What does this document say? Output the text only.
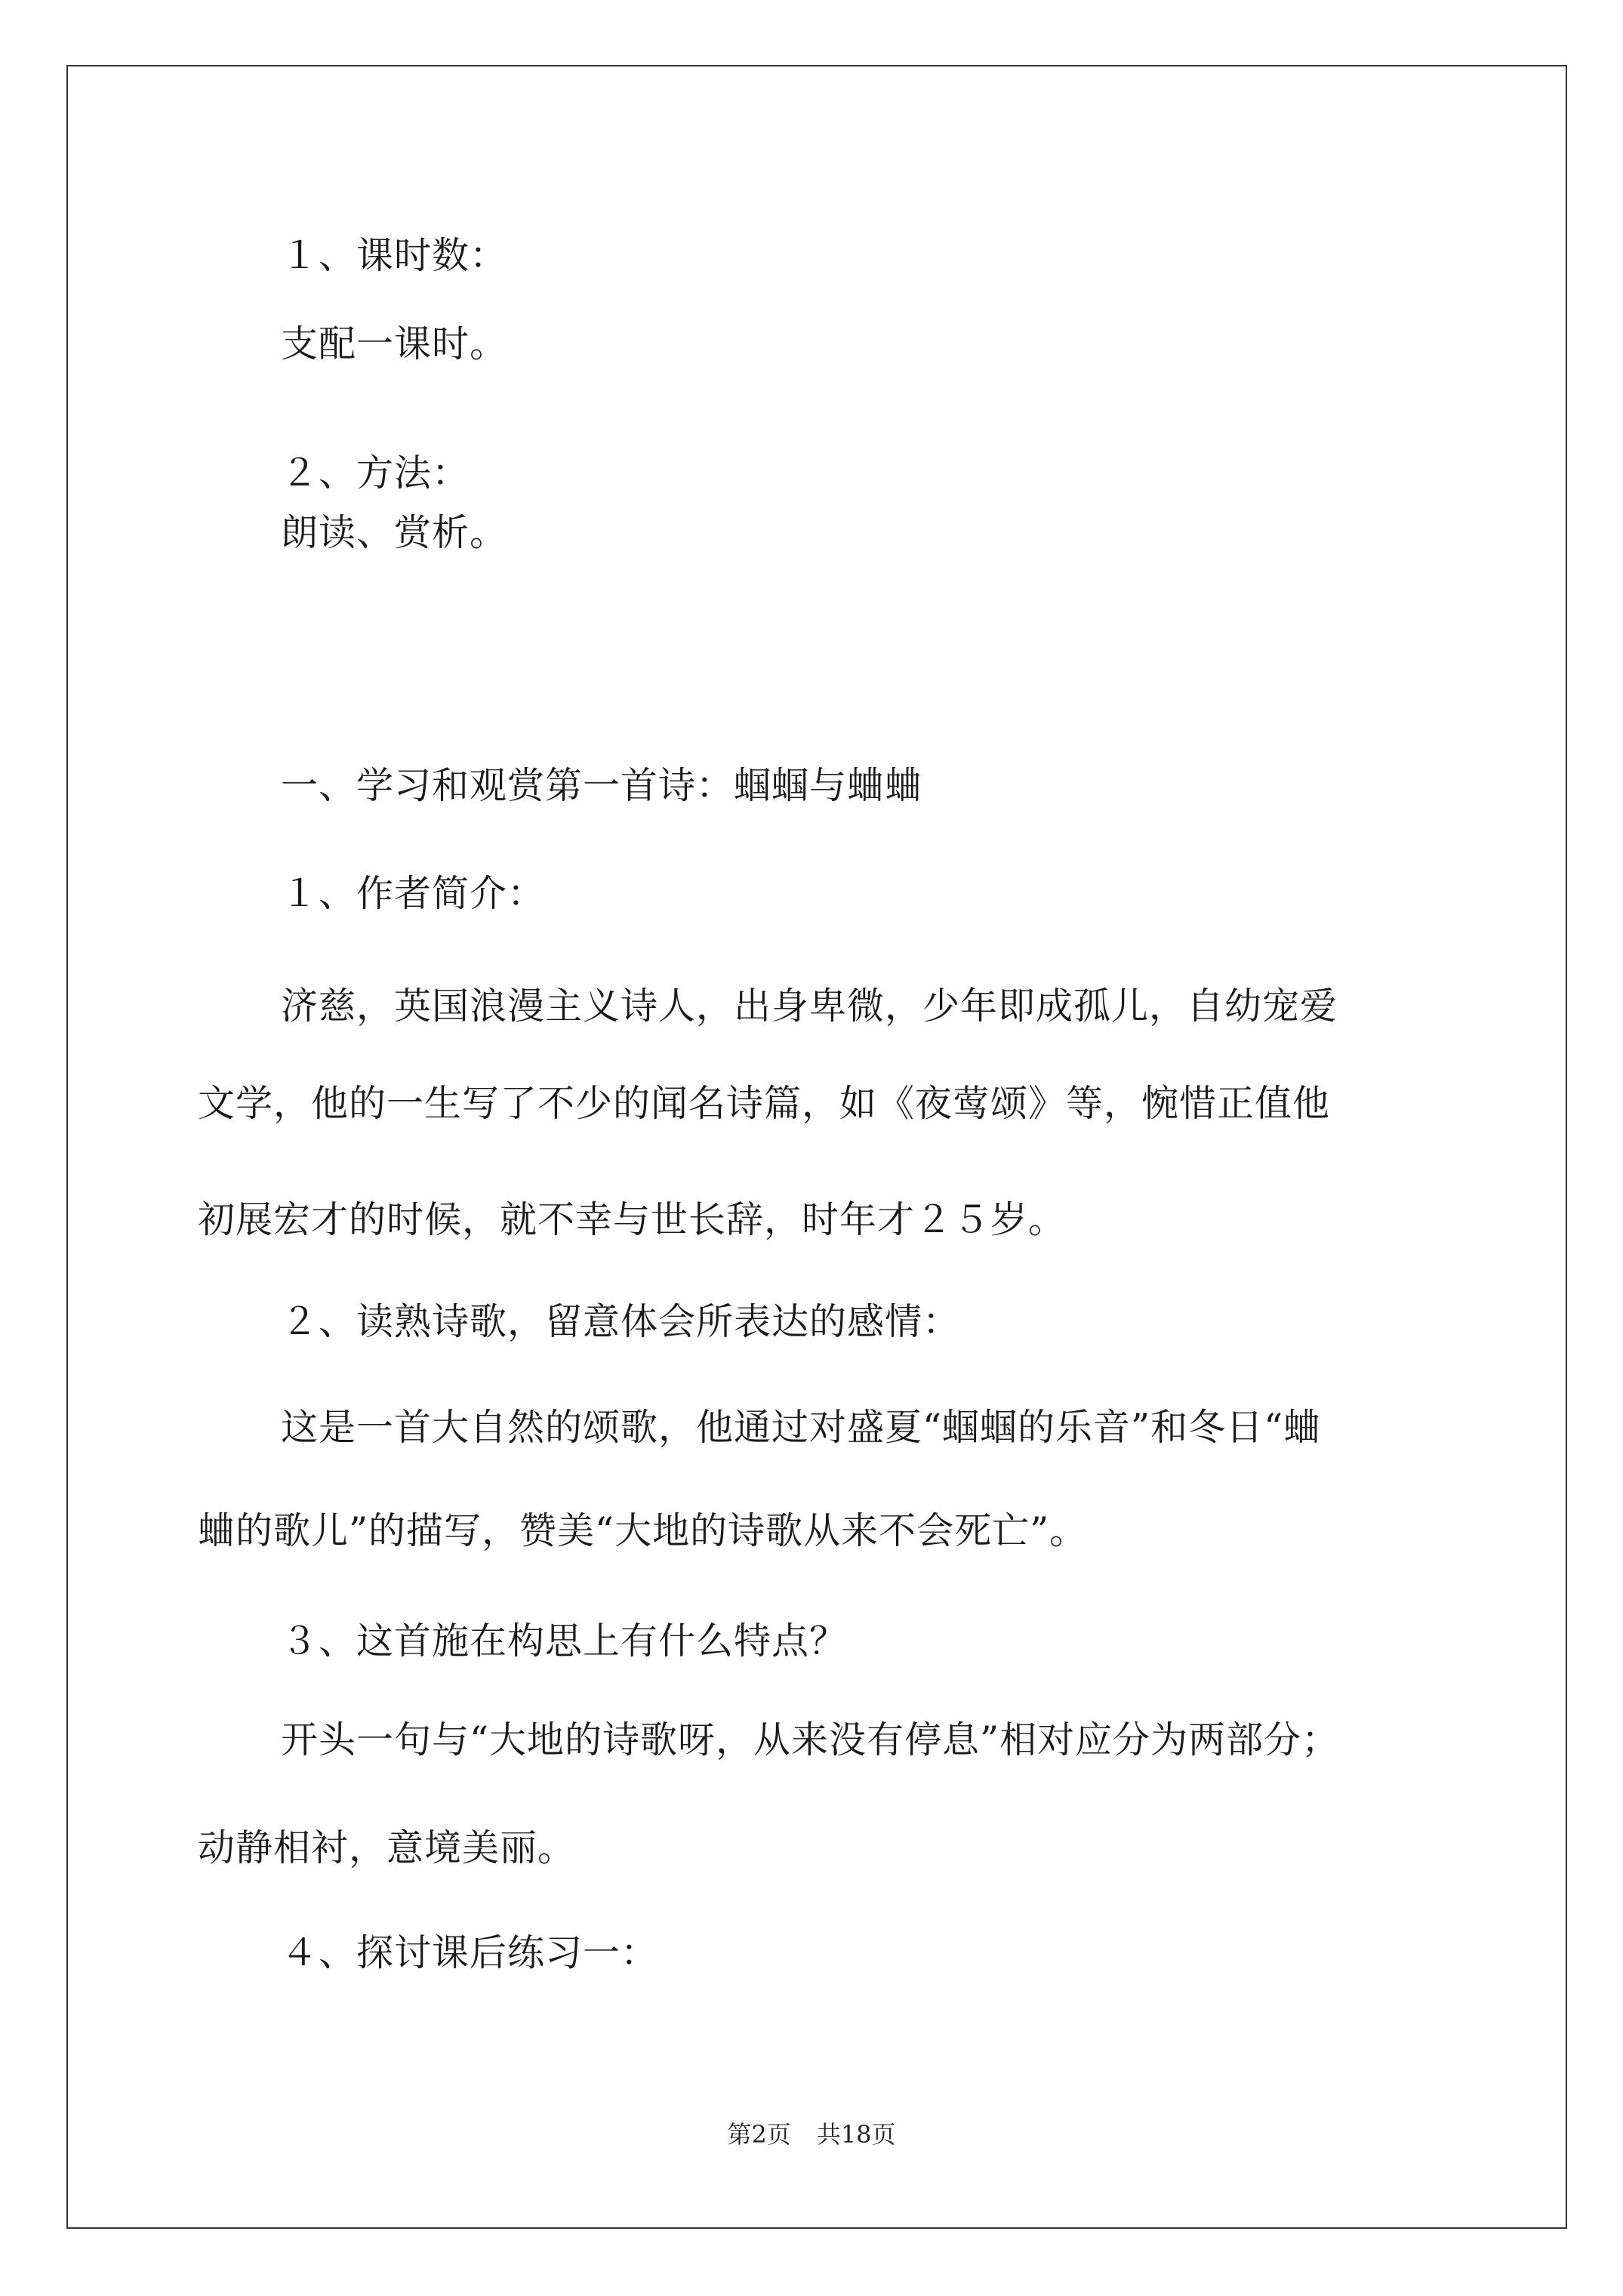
１、课时数：
支配一课时。
２、方法：
朗读、赏析。
一、学习和观赏第一首诗：蝈蝈与蛐蛐
１、作者简介：
济慈，英国浪漫主义诗人，出身卑微，少年即成孤儿，自幼宠爱
文学，他的一生写了不少的闻名诗篇，如《夜莺颂》等，惋惜正值他
初展宏才的时候，就不幸与世长辞，时年才２５岁。
２、读熟诗歌，留意体会所表达的感情：
这是一首大自然的颂歌，他通过对盛夏“蝈蝈的乐音”和冬日“蛐
蛐的歌儿”的描写，赞美“大地的诗歌从来不会死亡”。
３、这首施在构思上有什么特点？
开头一句与“大地的诗歌呀，从来没有停息”相对应分为两部分；
动静相衬，意境美丽。
４、探讨课后练习一：
第2页 共18页
